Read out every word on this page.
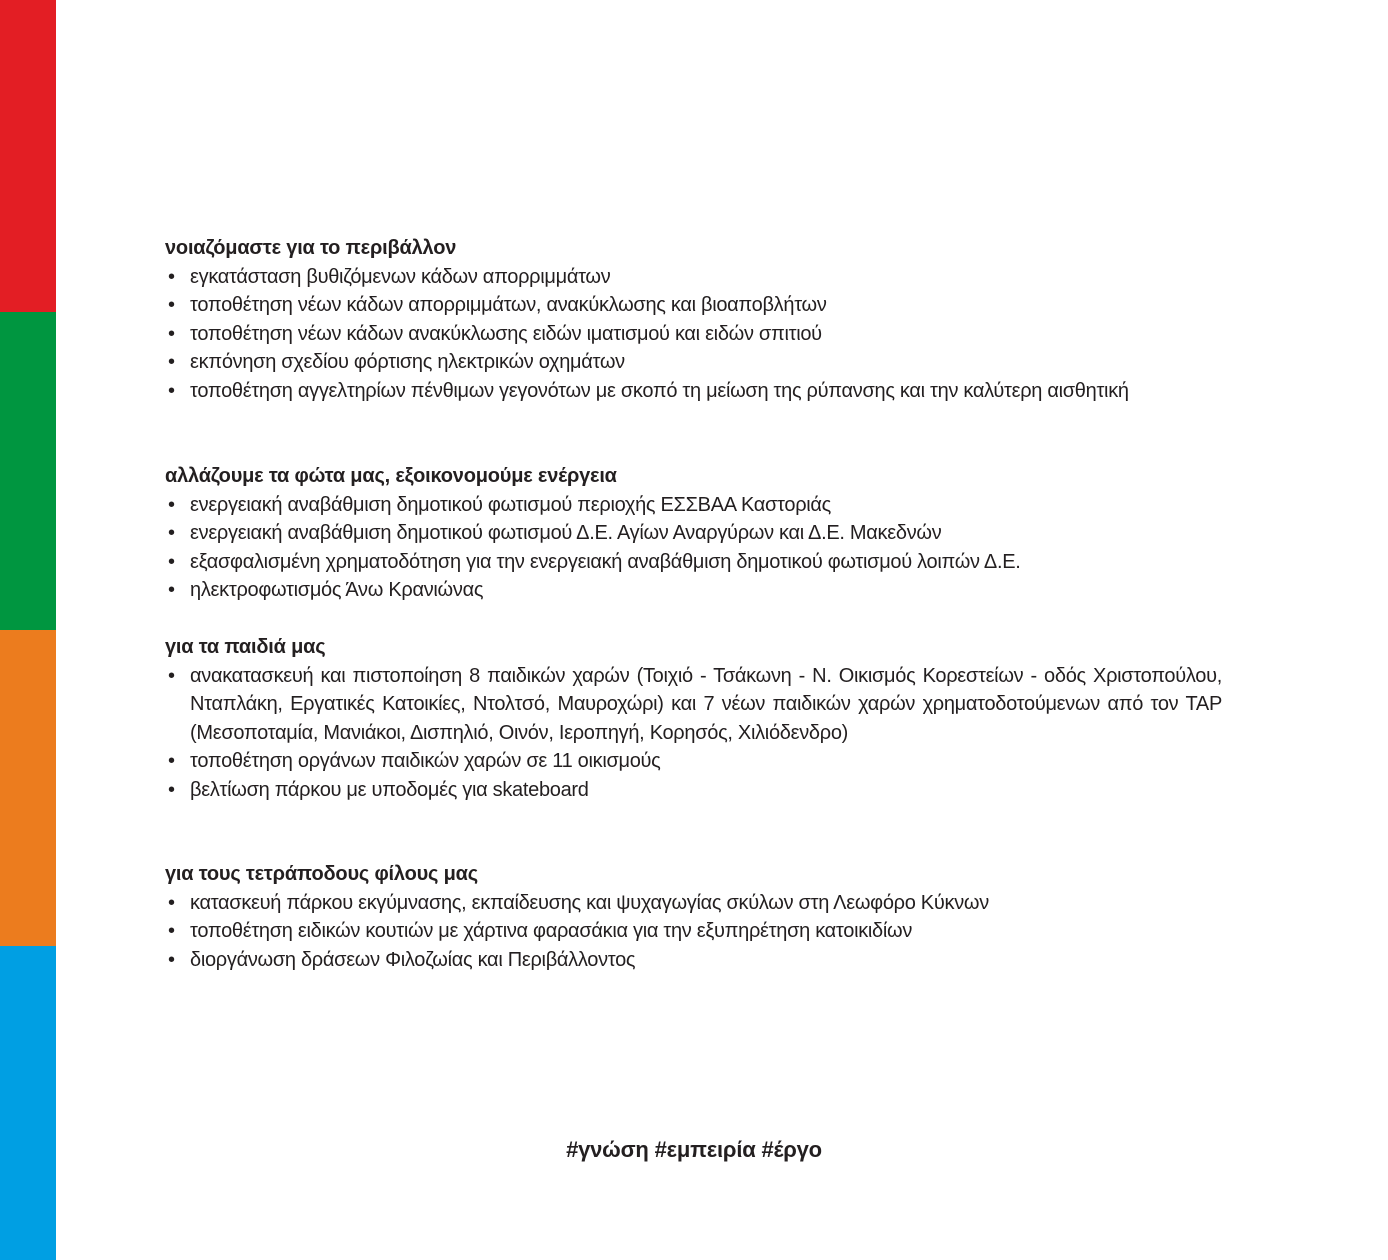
νοιαζόμαστε για το περιβάλλον
• εγκατάσταση βυθιζόμενων κάδων απορριμμάτων
• τοποθέτηση νέων κάδων απορριμμάτων, ανακύκλωσης και βιοαποβλήτων
• τοποθέτηση νέων κάδων ανακύκλωσης ειδών ιματισμού και ειδών σπιτιού
• εκπόνηση σχεδίου φόρτισης ηλεκτρικών οχημάτων
• τοποθέτηση αγγελτηρίων πένθιμων γεγονότων με σκοπό τη μείωση της ρύπανσης και την καλύτερη αισθητική
αλλάζουμε τα φώτα μας, εξοικονομούμε ενέργεια
• ενεργειακή αναβάθμιση δημοτικού φωτισμού περιοχής ΕΣΣΒΑΑ Καστοριάς
• ενεργειακή αναβάθμιση δημοτικού φωτισμού Δ.Ε. Αγίων Αναργύρων και Δ.Ε. Μακεδνών
• εξασφαλισμένη χρηματοδότηση για την ενεργειακή αναβάθμιση δημοτικού φωτισμού λοιπών Δ.Ε.
• ηλεκτροφωτισμός Άνω Κρανιώνας
για τα παιδιά μας
• ανακατασκευή και πιστοποίηση 8 παιδικών χαρών (Τοιχιό - Τσάκωνη - Ν. Οικισμός Κορεστείων - οδός Χριστοπούλου, Νταπλάκη, Εργατικές Κατοικίες, Ντολτσό, Μαυροχώρι) και 7 νέων παιδικών χαρών χρηματοδοτούμενων από τον ΤΑΡ (Μεσοποταμία, Μανιάκοι, Δισπηλιό, Οινόν, Ιεροπηγή, Κορησός, Χιλιόδενδρο)
• τοποθέτηση οργάνων παιδικών χαρών σε 11 οικισμούς
• βελτίωση πάρκου με υποδομές για skateboard
για τους τετράποδους φίλους μας
• κατασκευή πάρκου εκγύμνασης, εκπαίδευσης και ψυχαγωγίας σκύλων στη Λεωφόρο Κύκνων
• τοποθέτηση ειδικών κουτιών με χάρτινα φαρασάκια για την εξυπηρέτηση κατοικιδίων
• διοργάνωση δράσεων Φιλοζωίας και Περιβάλλοντος
#γνώση #εμπειρία #έργο
